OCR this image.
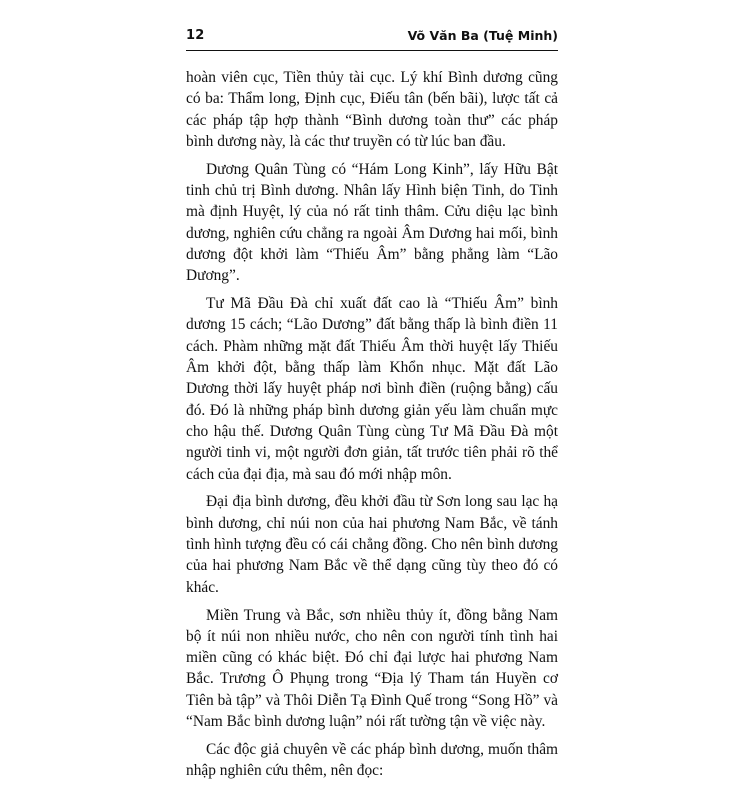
12	Võ Văn Ba (Tuệ Minh)

hoàn viên cục, Tiền thủy tài cục. Lý khí Bình dương cũng có ba: Thẩm long, Định cục, Điếu tân (bến bãi), lược tất cả các pháp tập hợp thành “Bình dương toàn thư” các pháp bình dương này, là các thư truyền có từ lúc ban đầu.

Dương Quân Tùng có “Hám Long Kinh”, lấy Hữu Bật tinh chủ trị Bình dương. Nhân lấy Hình biện Tinh, do Tinh mà định Huyệt, lý của nó rất tinh thâm. Cửu diệu lạc bình dương, nghiên cứu chẳng ra ngoài Âm Dương hai mối, bình dương đột khởi làm “Thiếu Âm” bằng phẳng làm “Lão Dương”.

Tư Mã Đầu Đà chỉ xuất đất cao là “Thiếu Âm” bình dương 15 cách; “Lão Dương” đất bằng thấp là bình điền 11 cách. Phàm những mặt đất Thiếu Âm thời huyệt lấy Thiếu Âm khởi đột, bằng thấp làm Khổn nhục. Mặt đất Lão Dương thời lấy huyệt pháp nơi bình điền (ruộng bằng) cấu đó. Đó là những pháp bình dương giản yếu làm chuẩn mực cho hậu thế. Dương Quân Tùng cùng Tư Mã Đầu Đà một người tinh vi, một người đơn giản, tất trước tiên phải rõ thể cách của đại địa, mà sau đó mới nhập môn.

Đại địa bình dương, đều khởi đầu từ Sơn long sau lạc hạ bình dương, chỉ núi non của hai phương Nam Bắc, về tánh tình hình tượng đều có cái chẳng đồng. Cho nên bình dương của hai phương Nam Bắc về thể dạng cũng tùy theo đó có khác.

Miền Trung và Bắc, sơn nhiều thủy ít, đồng bằng Nam bộ ít núi non nhiều nước, cho nên con người tính tình hai miền cũng có khác biệt. Đó chỉ đại lược hai phương Nam Bắc. Trương Ô Phụng trong “Địa lý Tham tán Huyền cơ Tiên bà tập” và Thôi Diễn Tạ Đình Quế trong “Song Hồ” và “Nam Bắc bình dương luận” nói rất tường tận về việc này.

Các độc giả chuyên về các pháp bình dương, muốn thâm nhập nghiên cứu thêm, nên đọc:
